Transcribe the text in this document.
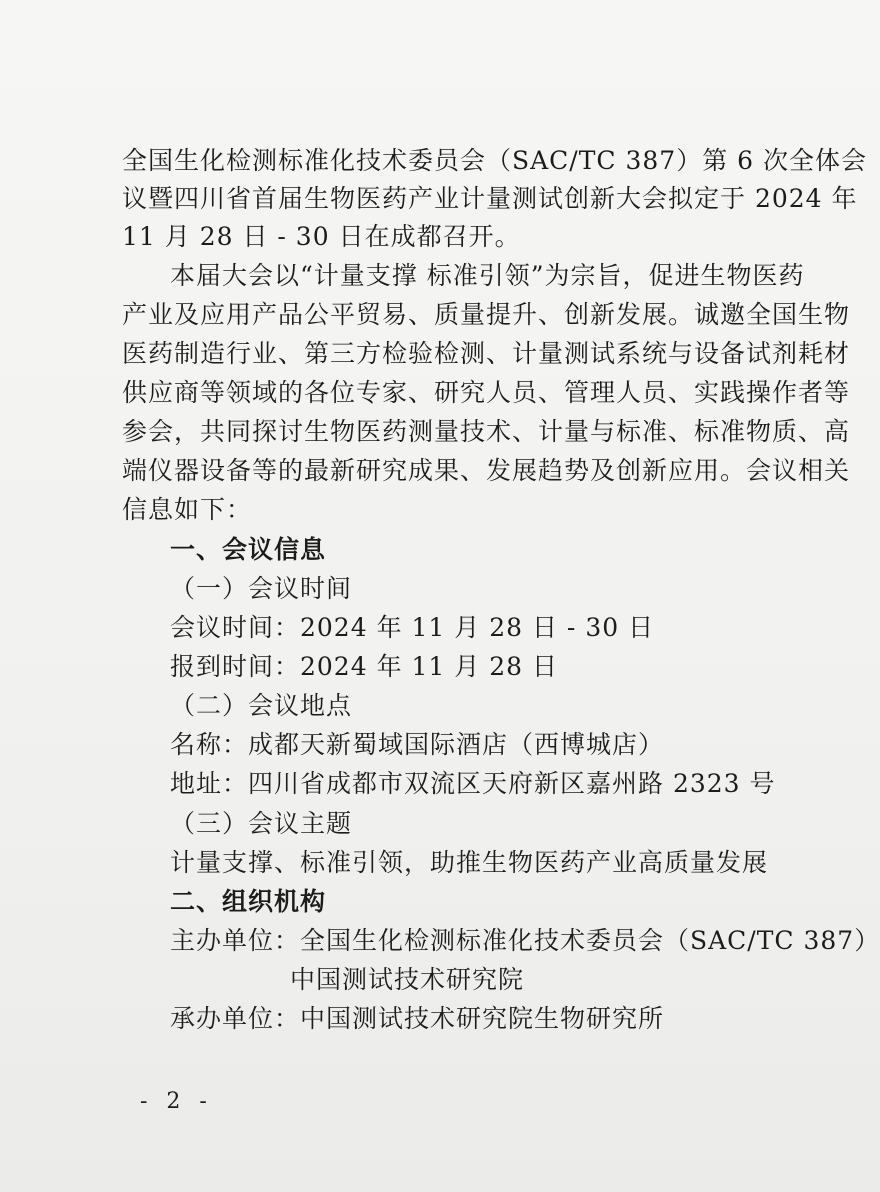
全国生化检测标准化技术委员会（SAC/TC 387）第 6 次全体会
议暨四川省首届生物医药产业计量测试创新大会拟定于 2024 年
11 月 28 日 - 30 日在成都召开。
本届大会以“计量支撑 标准引领”为宗旨，促进生物医药
产业及应用产品公平贸易、质量提升、创新发展。诚邀全国生物
医药制造行业、第三方检验检测、计量测试系统与设备试剂耗材
供应商等领域的各位专家、研究人员、管理人员、实践操作者等
参会，共同探讨生物医药测量技术、计量与标准、标准物质、高
端仪器设备等的最新研究成果、发展趋势及创新应用。会议相关
信息如下：
一、会议信息
（一）会议时间
会议时间：2024 年 11 月 28 日 - 30 日
报到时间：2024 年 11 月 28 日
（二）会议地点
名称：成都天新蜀域国际酒店（西博城店）
地址：四川省成都市双流区天府新区嘉州路 2323 号
（三）会议主题
计量支撑、标准引领，助推生物医药产业高质量发展
二、组织机构
主办单位：全国生化检测标准化技术委员会（SAC/TC 387）
中国测试技术研究院
承办单位：中国测试技术研究院生物研究所
- 2 -
